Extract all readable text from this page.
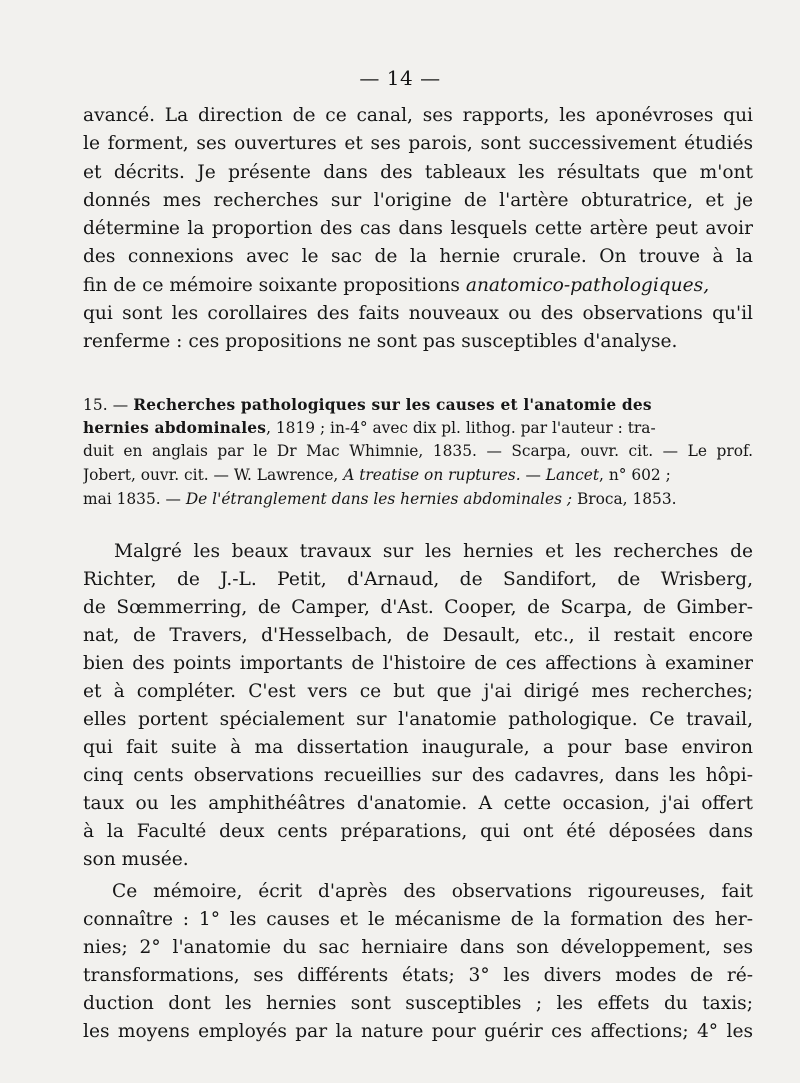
— 14 —
avancé. La direction de ce canal, ses rapports, les aponévroses qui
le forment, ses ouvertures et ses parois, sont successivement étudiés
et décrits. Je présente dans des tableaux les résultats que m'ont
donnés mes recherches sur l'origine de l'artère obturatrice, et je
détermine la proportion des cas dans lesquels cette artère peut avoir
des connexions avec le sac de la hernie crurale. On trouve à la
fin de ce mémoire soixante propositions anatomico-pathologiques,
qui sont les corollaires des faits nouveaux ou des observations qu'il
renferme : ces propositions ne sont pas susceptibles d'analyse.
15. — Recherches pathologiques sur les causes et l'anatomie des
hernies abdominales, 1819 ; in-4° avec dix pl. lithog. par l'auteur : tra-
duit en anglais par le Dr Mac Whimnie, 1835. — Scarpa, ouvr. cit. — Le prof.
Jobert, ouvr. cit. — W. Lawrence, A treatise on ruptures. — Lancet, n° 602 ;
mai 1835. — De l'étranglement dans les hernies abdominales ; Broca, 1853.
Malgré les beaux travaux sur les hernies et les recherches de
Richter, de J.-L. Petit, d'Arnaud, de Sandifort, de Wrisberg,
de Sœmmerring, de Camper, d'Ast. Cooper, de Scarpa, de Gimber-
nat, de Travers, d'Hesselbach, de Desault, etc., il restait encore
bien des points importants de l'histoire de ces affections à examiner
et à compléter. C'est vers ce but que j'ai dirigé mes recherches;
elles portent spécialement sur l'anatomie pathologique. Ce travail,
qui fait suite à ma dissertation inaugurale, a pour base environ
cinq cents observations recueillies sur des cadavres, dans les hôpi-
taux ou les amphithéâtres d'anatomie. A cette occasion, j'ai offert
à la Faculté deux cents préparations, qui ont été déposées dans
son musée.
Ce mémoire, écrit d'après des observations rigoureuses, fait
connaître : 1° les causes et le mécanisme de la formation des her-
nies; 2° l'anatomie du sac herniaire dans son développement, ses
transformations, ses différents états; 3° les divers modes de ré-
duction dont les hernies sont susceptibles ; les effets du taxis;
les moyens employés par la nature pour guérir ces affections; 4° les
